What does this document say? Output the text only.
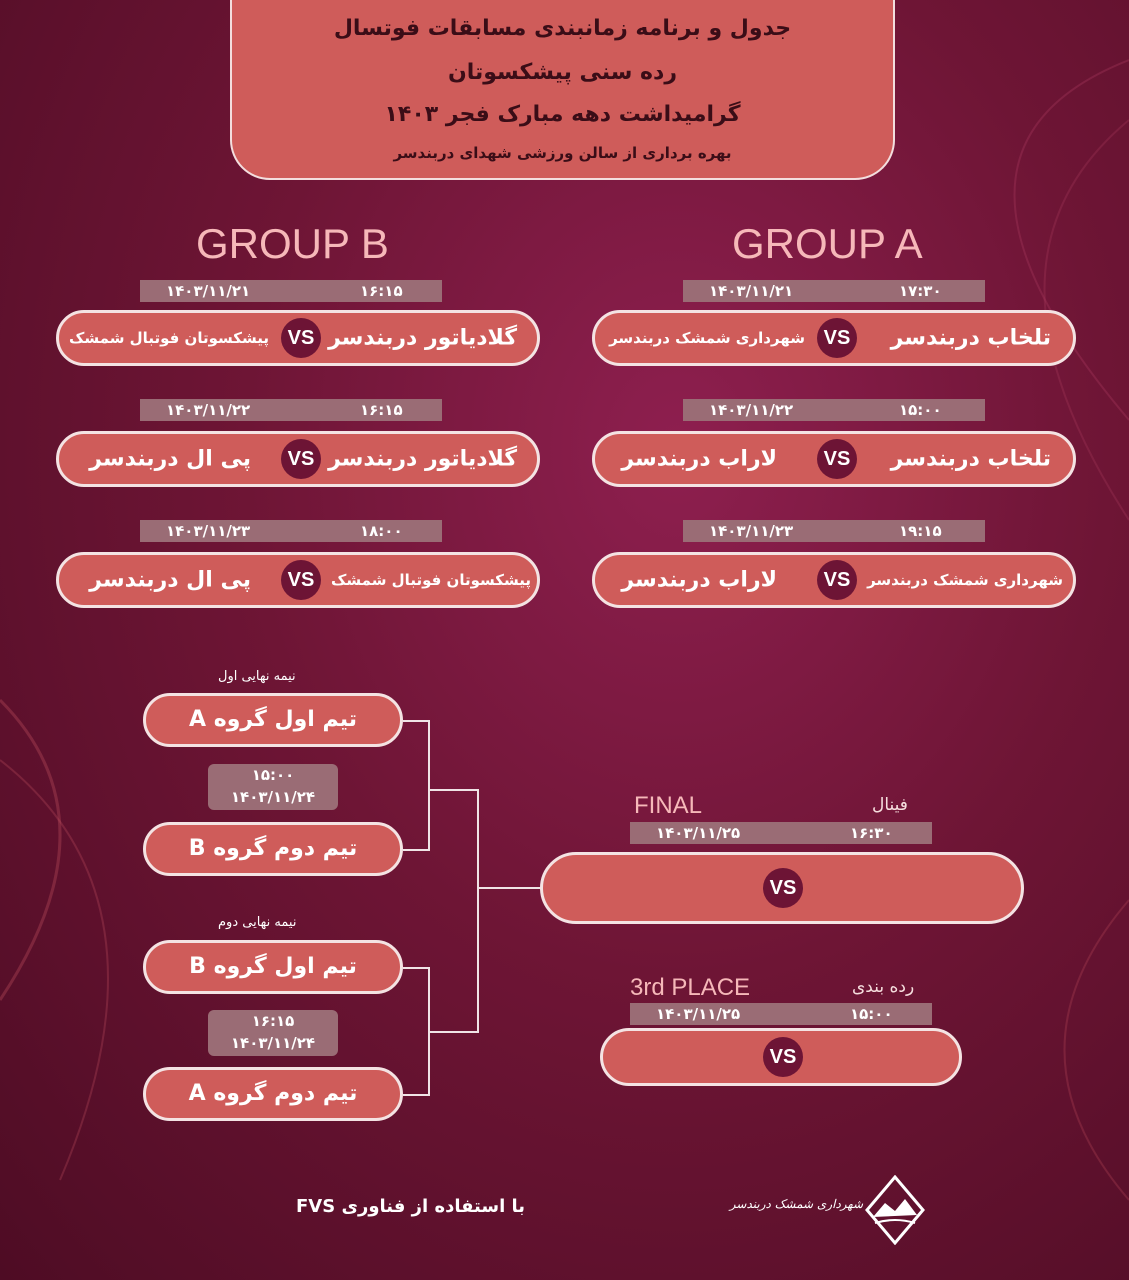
جدول و برنامه زمانبندی مسابقات فوتسال
رده سنی پیشکسوتان
گرامیداشت دهه مبارک فجر ۱۴۰۳
بهره برداری از سالن ورزشی شهدای دربندسر
GROUP A
GROUP B
۱۴۰۳/۱۱/۲۱	۱۷:۳۰
تلخاب دربندسر
VS
شهرداری شمشک دربندسر
۱۴۰۳/۱۱/۲۲	۱۵:۰۰
تلخاب دربندسر
VS
لاراب دربندسر
۱۴۰۳/۱۱/۲۳	۱۹:۱۵
شهرداری شمشک دربندسر
VS
لاراب دربندسر
۱۴۰۳/۱۱/۲۱	۱۶:۱۵
گلادیاتور دربندسر
VS
پیشکسوتان فوتبال شمشک
۱۴۰۳/۱۱/۲۲	۱۶:۱۵
گلادیاتور دربندسر
VS
پی ال دربندسر
۱۴۰۳/۱۱/۲۳	۱۸:۰۰
پیشکسوتان فوتبال شمشک
VS
پی ال دربندسر
نیمه نهایی اول
تیم اول گروه A
۱۵:۰۰
۱۴۰۳/۱۱/۲۴
تیم دوم گروه B
نیمه نهایی دوم
تیم اول گروه B
۱۶:۱۵
۱۴۰۳/۱۱/۲۴
تیم دوم گروه A
FINAL	فینال
۱۴۰۳/۱۱/۲۵	۱۶:۳۰
VS
3rd PLACE	رده بندی
۱۴۰۳/۱۱/۲۵	۱۵:۰۰
VS
با استفاده از فناوری FVS	شهرداری شمشک دربندسر
